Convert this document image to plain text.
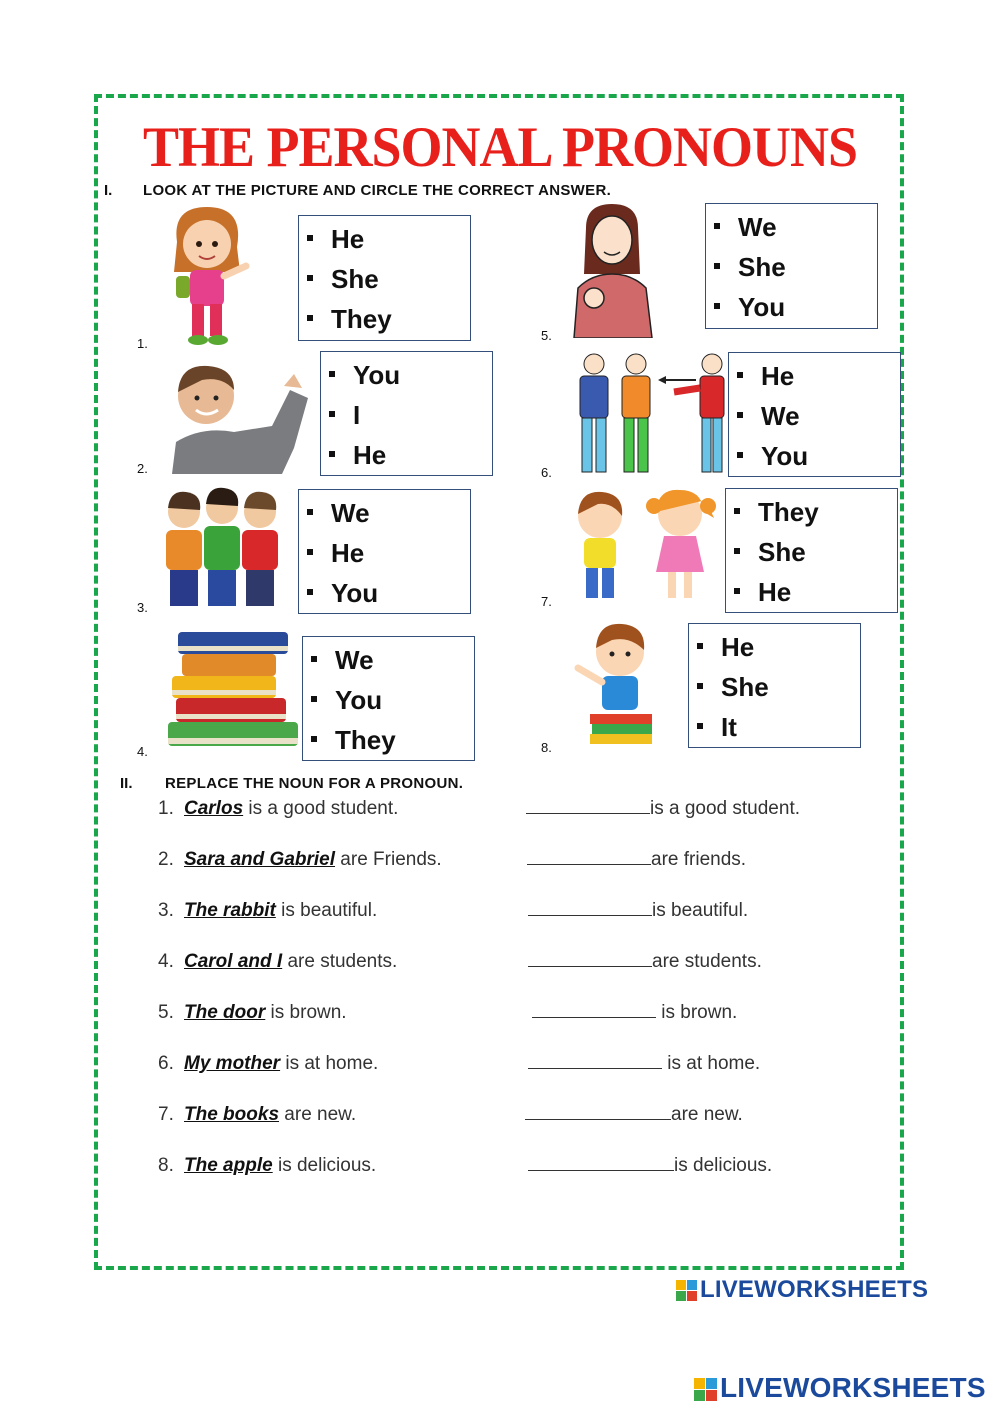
THE PERSONAL PRONOUNS
I. LOOK AT THE PICTURE AND CIRCLE THE CORRECT ANSWER.
1.
He
She
They
2.
You
I
He
3.
We
He
You
4.
We
You
They
5.
We
She
You
6.
He
We
You
7.
They
She
He
8.
He
She
It
II. REPLACE THE NOUN FOR A PRONOUN.
1. Carlos is a good student.	is a good student.
2. Sara and Gabriel are Friends.	are friends.
3. The rabbit is beautiful.	is beautiful.
4. Carol and I are students.	are students.
5. The door is brown.	is brown.
6. My mother is at home.	is at home.
7. The books are new.	are new.
8. The apple is delicious.	is delicious.
LIVEWORKSHEETS
LIVEWORKSHEETS
